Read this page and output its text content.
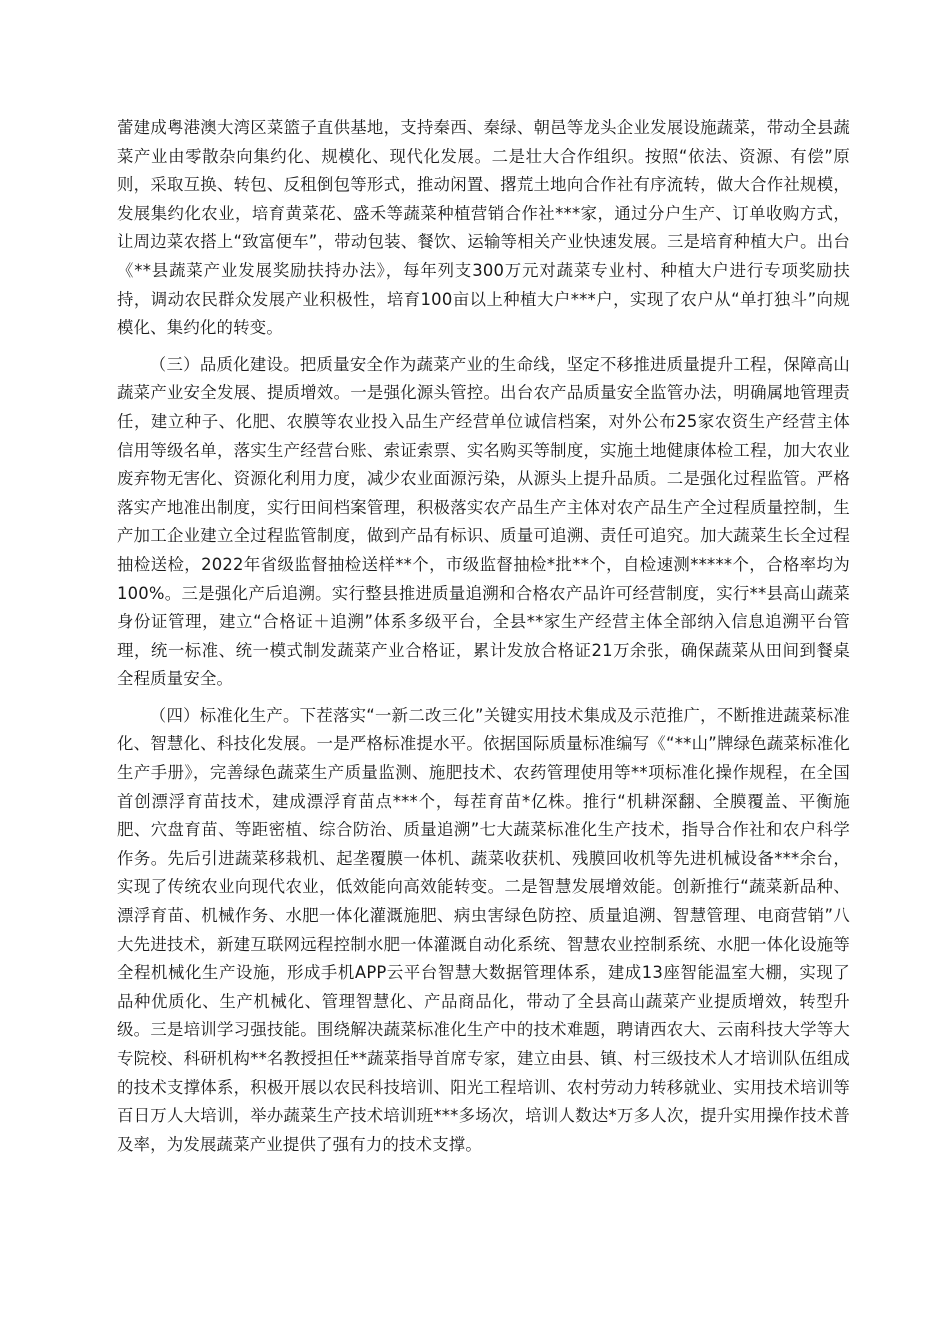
蕾建成粤港澳大湾区菜篮子直供基地，支持秦西、秦绿、朝邑等龙头企业发展设施蔬菜，带动全县蔬菜产业由零散杂向集约化、规模化、现代化发展。二是壮大合作组织。按照“依法、资源、有偿”原则，采取互换、转包、反租倒包等形式，推动闲置、撂荒土地向合作社有序流转，做大合作社规模，发展集约化农业，培育黄菜花、盛禾等蔬菜种植营销合作社***家，通过分户生产、订单收购方式，让周边菜农搭上“致富便车”，带动包装、餐饮、运输等相关产业快速发展。三是培育种植大户。出台《**县蔬菜产业发展奖励扶持办法》，每年列支300万元对蔬菜专业村、种植大户进行专项奖励扶持，调动农民群众发展产业积极性，培育100亩以上种植大户***户，实现了农户从“单打独斗”向规模化、集约化的转变。

（三）品质化建设。把质量安全作为蔬菜产业的生命线，坚定不移推进质量提升工程，保障高山蔬菜产业安全发展、提质增效。一是强化源头管控。出台农产品质量安全监管办法，明确属地管理责任，建立种子、化肥、农膜等农业投入品生产经营单位诚信档案，对外公布25家农资生产经营主体信用等级名单，落实生产经营台账、索证索票、实名购买等制度，实施土地健康体检工程，加大农业废弃物无害化、资源化利用力度，减少农业面源污染，从源头上提升品质。二是强化过程监管。严格落实产地准出制度，实行田间档案管理，积极落实农产品生产主体对农产品生产全过程质量控制，生产加工企业建立全过程监管制度，做到产品有标识、质量可追溯、责任可追究。加大蔬菜生长全过程抽检送检，2022年省级监督抽检送样**个，市级监督抽检*批**个，自检速测*****个，合格率均为100%。三是强化产后追溯。实行整县推进质量追溯和合格农产品许可经营制度，实行**县高山蔬菜身份证管理，建立“合格证＋追溯”体系多级平台，全县**家生产经营主体全部纳入信息追溯平台管理，统一标准、统一模式制发蔬菜产业合格证，累计发放合格证21万余张，确保蔬菜从田间到餐桌全程质量安全。

（四）标准化生产。下茬落实“一新二改三化”关键实用技术集成及示范推广，不断推进蔬菜标准化、智慧化、科技化发展。一是严格标准提水平。依据国际质量标准编写《“**山”牌绿色蔬菜标准化生产手册》，完善绿色蔬菜生产质量监测、施肥技术、农药管理使用等**项标准化操作规程，在全国首创漂浮育苗技术，建成漂浮育苗点***个，每茬育苗*亿株。推行“机耕深翻、全膜覆盖、平衡施肥、穴盘育苗、等距密植、综合防治、质量追溯”七大蔬菜标准化生产技术，指导合作社和农户科学作务。先后引进蔬菜移栽机、起垄覆膜一体机、蔬菜收获机、残膜回收机等先进机械设备***余台，实现了传统农业向现代农业，低效能向高效能转变。二是智慧发展增效能。创新推行“蔬菜新品种、漂浮育苗、机械作务、水肥一体化灌溉施肥、病虫害绿色防控、质量追溯、智慧管理、电商营销”八大先进技术，新建互联网远程控制水肥一体灌溉自动化系统、智慧农业控制系统、水肥一体化设施等全程机械化生产设施，形成手机APP云平台智慧大数据管理体系，建成13座智能温室大棚，实现了品种优质化、生产机械化、管理智慧化、产品商品化，带动了全县高山蔬菜产业提质增效，转型升级。三是培训学习强技能。围绕解决蔬菜标准化生产中的技术难题，聘请西农大、云南科技大学等大专院校、科研机构**名教授担任**蔬菜指导首席专家，建立由县、镇、村三级技术人才培训队伍组成的技术支撑体系，积极开展以农民科技培训、阳光工程培训、农村劳动力转移就业、实用技术培训等百日万人大培训，举办蔬菜生产技术培训班***多场次，培训人数达*万多人次，提升实用操作技术普及率，为发展蔬菜产业提供了强有力的技术支撑。
